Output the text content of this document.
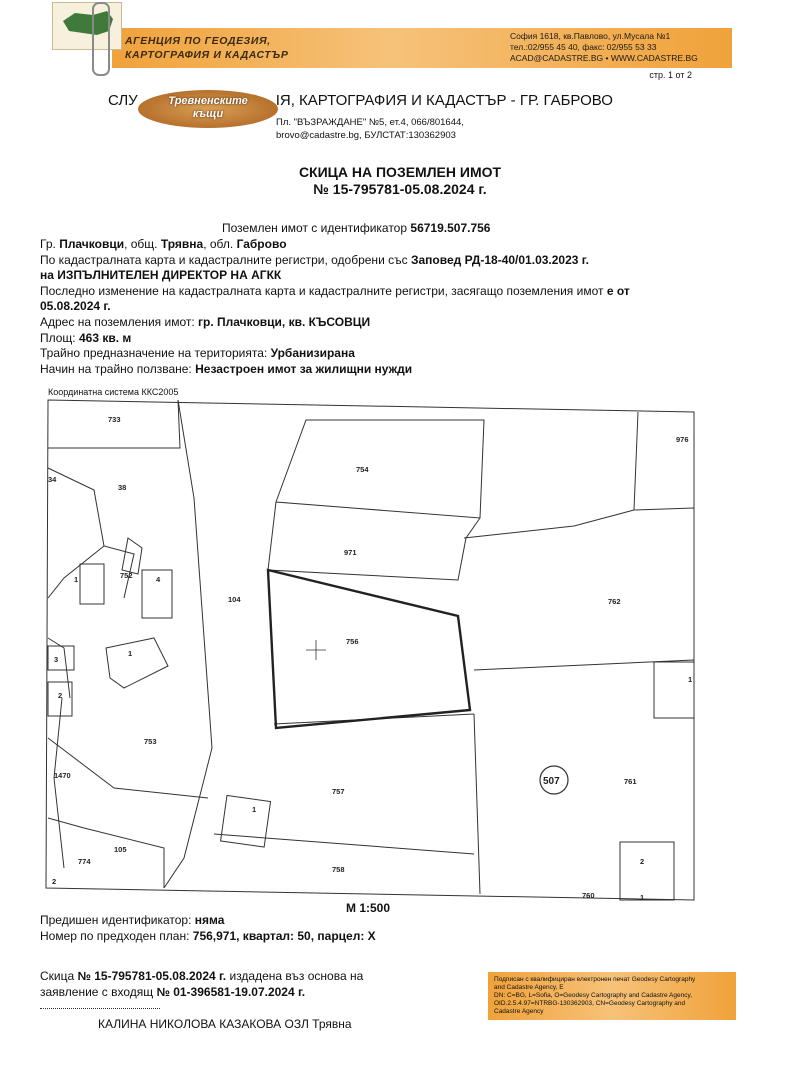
АГЕНЦИЯ ПО ГЕОДЕЗИЯ,
КАРТОГРАФИЯ И КАДАСТЪР
София 1618, кв.Павлово, ул.Мусала №1
тел.:02/955 45 40, факс: 02/955 53 33
ACAD@CADASTRE.BG • WWW.CADASTRE.BG
стр. 1 от 2
СЛУ	ІЯ, КАРТОГРАФИЯ И КАДАСТЪР - ГР. ГАБРОВО
Тревненските
къщи
Пл. "ВЪЗРАЖДАНЕ" №5, ет.4, 066/801644,
brovo@cadastre.bg, БУЛСТАТ:130362903
СКИЦА НА ПОЗЕМЛЕН ИМОТ
№ 15-795781-05.08.2024 г.
Поземлен имот с идентификатор 56719.507.756
Гр. Плачковци, общ. Трявна, обл. Габрово
По кадастралната карта и кадастралните регистри, одобрени със Заповед РД-18-40/01.03.2023 г.
на ИЗПЪЛНИТЕЛЕН ДИРЕКТОР НА АГКК
Последно изменение на кадастралната карта и кадастралните регистри, засягащо поземления имот е от
05.08.2024 г.
Адрес на поземления имот: гр. Плачковци, кв. КЪСОВЦИ
Площ: 463 кв. м
Трайно предназначение на територията: Урбанизирана
Начин на трайно ползване: Незастроен имот за жилищни нужди
Координатна система ККС2005
733
976
754
38
34
971
762
1	752	4
104
756
1
3
2
1
753
507	761
1470
757
1
105
774
2
758
760
2
1
М 1:500
Предишен идентификатор: няма
Номер по предходен план: 756,971, квартал: 50, парцел: Х
Скица № 15-795781-05.08.2024 г. издадена въз основа на
заявление с входящ № 01-396581-19.07.2024 г.
КАЛИНА НИКОЛОВА КАЗАКОВА ОЗЛ Трявна
Подписан с квалифициран електронен печат Geodesy Cartography
and Cadastre Agency, E
DN: C=BG, L=Sofia, O=Geodesy Cartography and Cadastre Agency,
OID.2.5.4.97=NTRBG-130362903, CN=Geodesy Cartography and
Cadastre Agency
